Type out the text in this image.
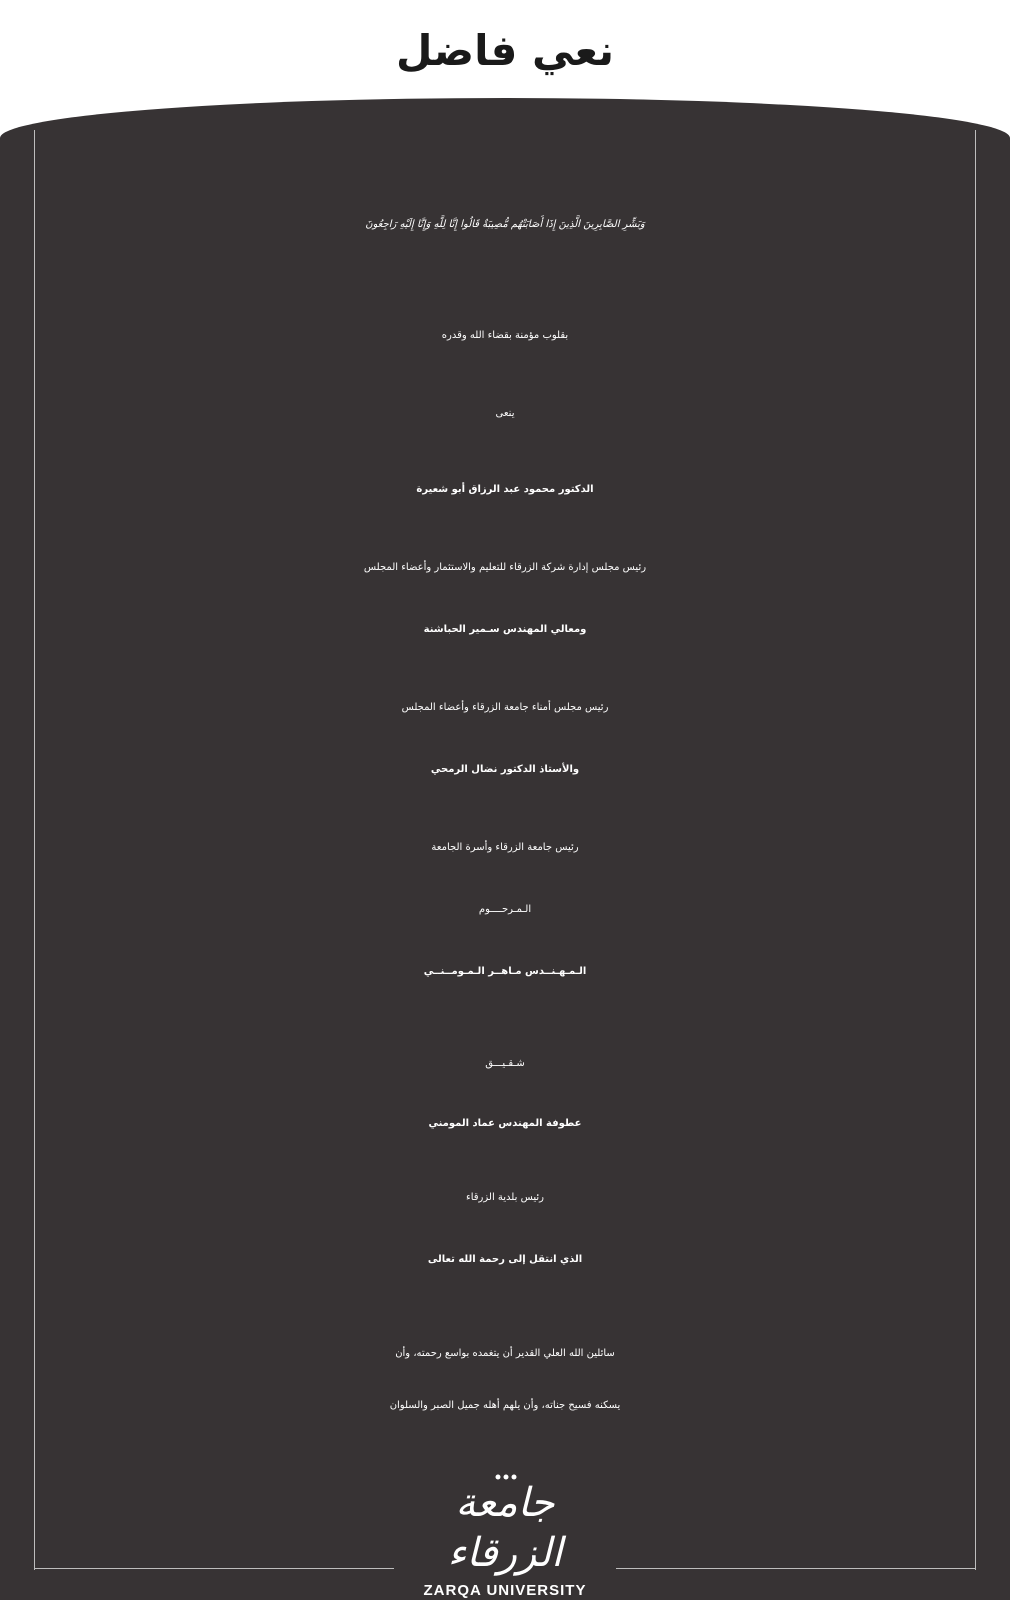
نعي فاضل
وَبَشِّرِ الصَّابِرِينَ الَّذِينَ إِذَا أَصَابَتْهُم مُّصِيبَةٌ قَالُوا إِنَّا لِلَّهِ وَإِنَّا إِلَيْهِ رَاجِعُونَ
بقلوب مؤمنة بقضاء الله وقدره
ينعى
الدكتور محمود عبد الرزاق أبو شعيرة
رئيس مجلس إدارة شركة الزرقاء للتعليم والاستثمار وأعضاء المجلس
ومعالي المهندس سـمير الحباشنة
رئيس مجلس أمناء جامعة الزرقاء وأعضاء المجلس
والأستاذ الدكتور نضال الرمحي
رئيس جامعة الزرقاء وأسرة الجامعة
الـمـرحــــوم
الـمـهـنــدس مـاهــر الـمـومــنــي
شـقـيـــق
عطوفة المهندس عماد المومني
رئيس بلدية الزرقاء
الذي انتقل إلى رحمة الله تعالى
سائلين الله العلي القدير أن يتغمده بواسع رحمته، وأن
يسكنه فسيح جناته، وأن يلهم أهله جميل الصبر والسلوان
جامعة الزرقاء
ZARQA UNIVERSITY
